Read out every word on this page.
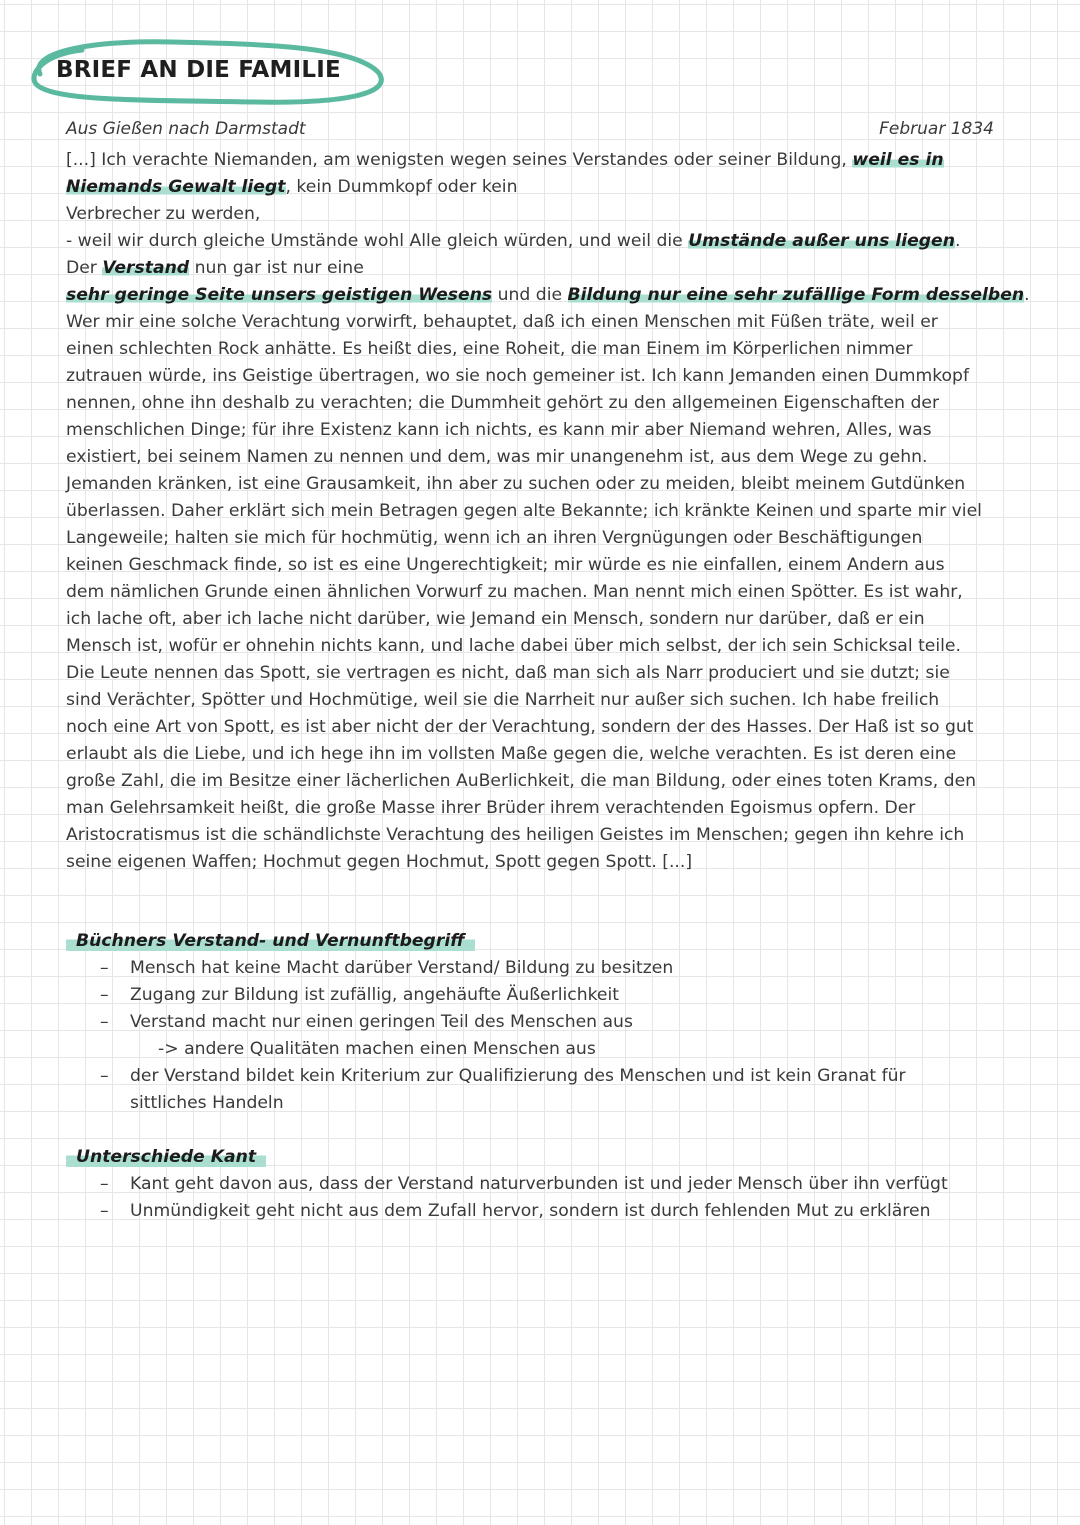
BRIEF AN DIE FAMILIE
Aus Gießen nach Darmstadt	Februar 1834
[...] Ich verachte Niemanden, am wenigsten wegen seines Verstandes oder seiner Bildung, weil es in
Niemands Gewalt liegt, kein Dummkopf oder kein
Verbrecher zu werden,
- weil wir durch gleiche Umstände wohl Alle gleich würden, und weil die Umstände außer uns liegen.
Der Verstand nun gar ist nur eine
sehr geringe Seite unsers geistigen Wesens und die Bildung nur eine sehr zufällige Form desselben.
Wer mir eine solche Verachtung vorwirft, behauptet, daß ich einen Menschen mit Füßen träte, weil er
einen schlechten Rock anhätte. Es heißt dies, eine Roheit, die man Einem im Körperlichen nimmer
zutrauen würde, ins Geistige übertragen, wo sie noch gemeiner ist. Ich kann Jemanden einen Dummkopf
nennen, ohne ihn deshalb zu verachten; die Dummheit gehört zu den allgemeinen Eigenschaften der
menschlichen Dinge; für ihre Existenz kann ich nichts, es kann mir aber Niemand wehren, Alles, was
existiert, bei seinem Namen zu nennen und dem, was mir unangenehm ist, aus dem Wege zu gehn.
Jemanden kränken, ist eine Grausamkeit, ihn aber zu suchen oder zu meiden, bleibt meinem Gutdünken
überlassen. Daher erklärt sich mein Betragen gegen alte Bekannte; ich kränkte Keinen und sparte mir viel
Langeweile; halten sie mich für hochmütig, wenn ich an ihren Vergnügungen oder Beschäftigungen
keinen Geschmack finde, so ist es eine Ungerechtigkeit; mir würde es nie einfallen, einem Andern aus
dem nämlichen Grunde einen ähnlichen Vorwurf zu machen. Man nennt mich einen Spötter. Es ist wahr,
ich lache oft, aber ich lache nicht darüber, wie Jemand ein Mensch, sondern nur darüber, daß er ein
Mensch ist, wofür er ohnehin nichts kann, und lache dabei über mich selbst, der ich sein Schicksal teile.
Die Leute nennen das Spott, sie vertragen es nicht, daß man sich als Narr produciert und sie dutzt; sie
sind Verächter, Spötter und Hochmütige, weil sie die Narrheit nur außer sich suchen. Ich habe freilich
noch eine Art von Spott, es ist aber nicht der der Verachtung, sondern der des Hasses. Der Haß ist so gut
erlaubt als die Liebe, und ich hege ihn im vollsten Maße gegen die, welche verachten. Es ist deren eine
große Zahl, die im Besitze einer lächerlichen AuBerlichkeit, die man Bildung, oder eines toten Krams, den
man Gelehrsamkeit heißt, die große Masse ihrer Brüder ihrem verachtenden Egoismus opfern. Der
Aristocratismus ist die schändlichste Verachtung des heiligen Geistes im Menschen; gegen ihn kehre ich
seine eigenen Waffen; Hochmut gegen Hochmut, Spott gegen Spott. [...]
Büchners Verstand- und Vernunftbegriff
– Mensch hat keine Macht darüber Verstand/ Bildung zu besitzen
– Zugang zur Bildung ist zufällig, angehäufte Äußerlichkeit
– Verstand macht nur einen geringen Teil des Menschen aus
-> andere Qualitäten machen einen Menschen aus
– der Verstand bildet kein Kriterium zur Qualifizierung des Menschen und ist kein Granat für
sittliches Handeln
Unterschiede Kant
– Kant geht davon aus, dass der Verstand naturverbunden ist und jeder Mensch über ihn verfügt
– Unmündigkeit geht nicht aus dem Zufall hervor, sondern ist durch fehlenden Mut zu erklären
